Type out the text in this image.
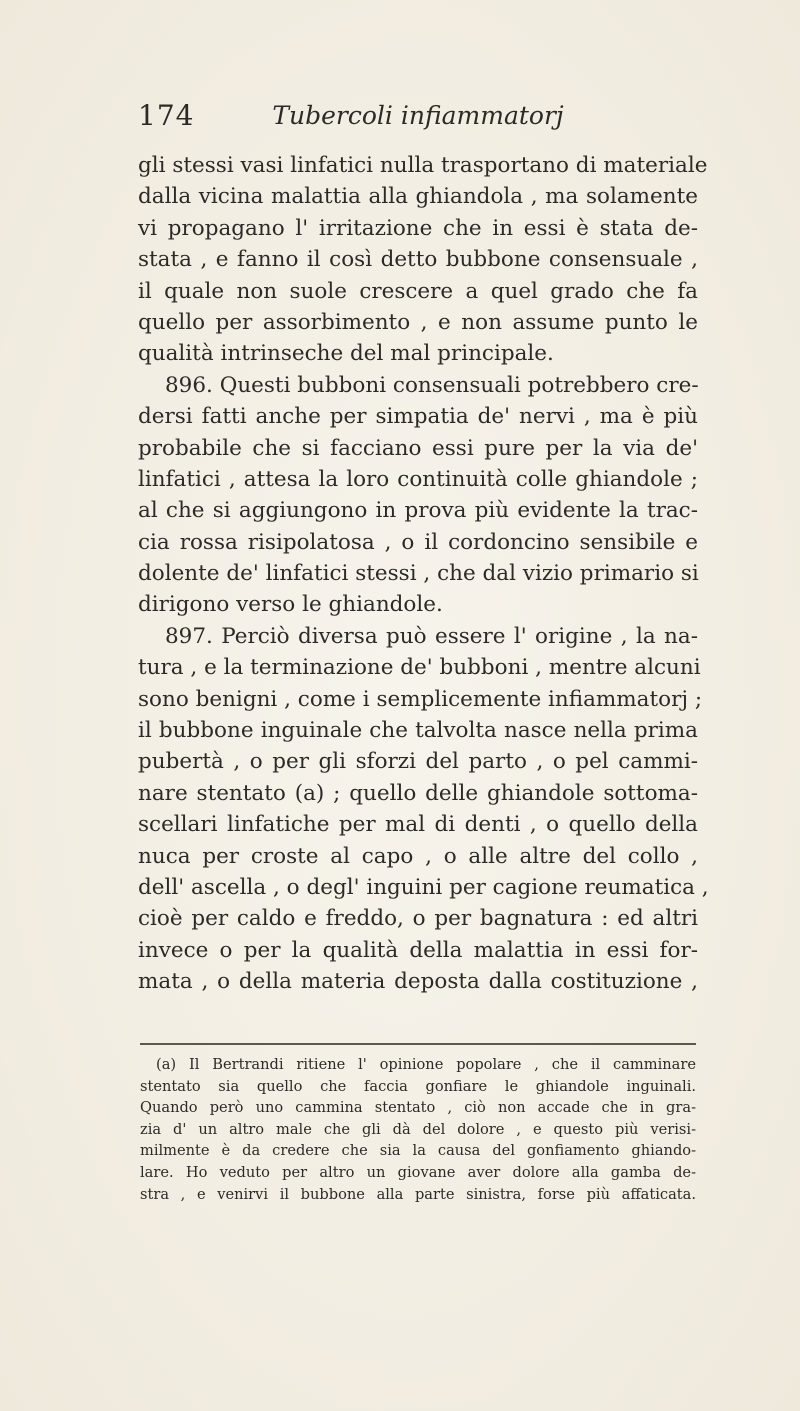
174	Tubercoli infiammatorj
gli stessi vasi linfatici nulla trasportano di materiale
dalla vicina malattia alla ghiandola , ma solamente
vi propagano l' irritazione che in essi è stata de-
stata , e fanno il così detto bubbone consensuale ,
il quale non suole crescere a quel grado che fa
quello per assorbimento , e non assume punto le
qualità intrinseche del mal principale.
896. Questi bubboni consensuali potrebbero cre-
dersi fatti anche per simpatia de' nervi , ma è più
probabile che si facciano essi pure per la via de'
linfatici , attesa la loro continuità colle ghiandole ;
al che si aggiungono in prova più evidente la trac-
cia rossa risipolatosa , o il cordoncino sensibile e
dolente de' linfatici stessi , che dal vizio primario si
dirigono verso le ghiandole.
897. Perciò diversa può essere l' origine , la na-
tura , e la terminazione de' bubboni , mentre alcuni
sono benigni , come i semplicemente infiammatorj ;
il bubbone inguinale che talvolta nasce nella prima
pubertà , o per gli sforzi del parto , o pel cammi-
nare stentato (a) ; quello delle ghiandole sottoma-
scellari linfatiche per mal di denti , o quello della
nuca per croste al capo , o alle altre del collo ,
dell' ascella , o degl' inguini per cagione reumatica ,
cioè per caldo e freddo, o per bagnatura : ed altri
invece o per la qualità della malattia in essi for-
mata , o della materia deposta dalla costituzione ,
(a) Il Bertrandi ritiene l' opinione popolare , che il camminare
stentato sia quello che faccia gonfiare le ghiandole inguinali.
Quando però uno cammina stentato , ciò non accade che in gra-
zia d' un altro male che gli dà del dolore , e questo più verisi-
milmente è da credere che sia la causa del gonfiamento ghiando-
lare. Ho veduto per altro un giovane aver dolore alla gamba de-
stra , e venirvi il bubbone alla parte sinistra, forse più affaticata.
